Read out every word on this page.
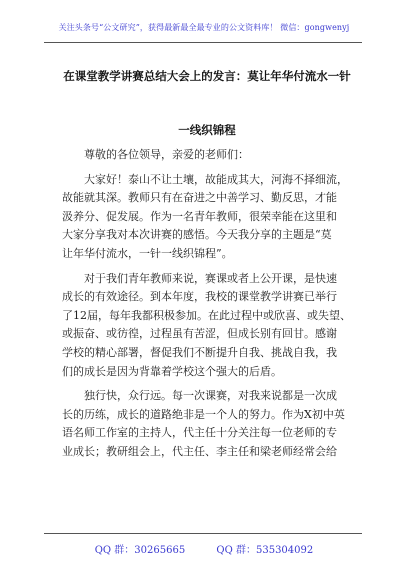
关注头条号“公文研究”，获得最新最全最专业的公文资料库！ 微信：gongwenyj
在课堂教学讲赛总结大会上的发言：莫让年华付流水一针
一线织锦程

尊敬的各位领导，亲爱的老师们：

大家好！泰山不让土壤，故能成其大，河海不择细流，
故能就其深。教师只有在奋进之中善学习、勤反思，才能
汲养分、促发展。作为一名青年教师，很荣幸能在这里和
大家分享我对本次讲赛的感悟。今天我分享的主题是“莫
让年华付流水，一针一线织锦程”。

对于我们青年教师来说，赛课或者上公开课，是快速
成长的有效途径。到本年度，我校的课堂教学讲赛已举行
了12届，每年我都积极参加。在此过程中或欣喜、或失望、
或振奋、或彷徨，过程虽有苦涩，但成长别有回甘。感谢
学校的精心部署，督促我们不断提升自我、挑战自我，我
们的成长是因为背靠着学校这个强大的后盾。

独行快，众行远。每一次课赛，对我来说都是一次成
长的历练，成长的道路绝非是一个人的努力。作为X初中英
语名师工作室的主持人，代主任十分关注每一位老师的专
业成长；教研组会上，代主任、李主任和梁老师经常会给

QQ 群：30265665	QQ 群：535304092
